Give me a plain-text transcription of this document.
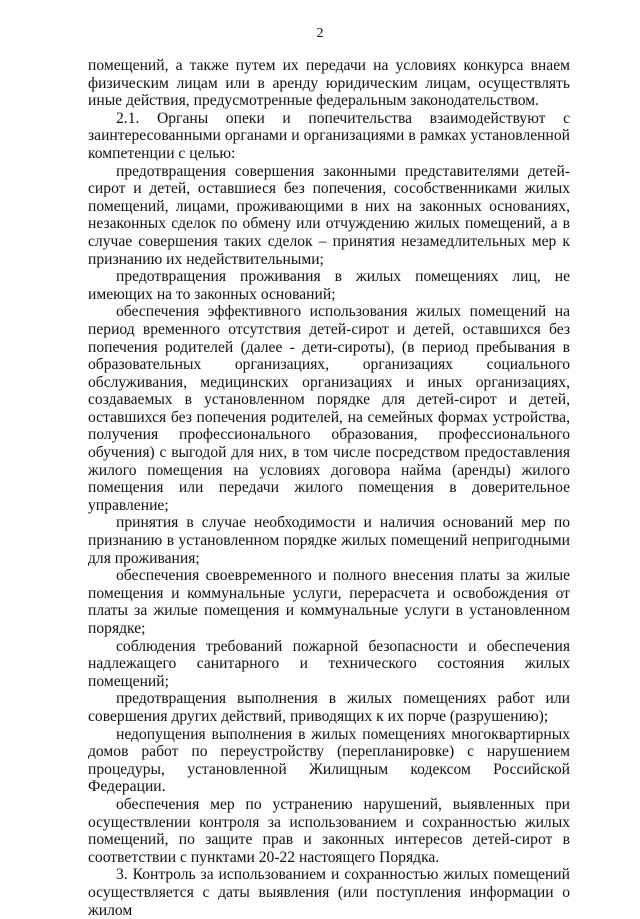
2

помещений, а также путем их передачи на условиях конкурса внаем физическим лицам или в аренду юридическим лицам, осуществлять иные действия, предусмотренные федеральным законодательством.

2.1. Органы опеки и попечительства взаимодействуют с заинтересованными органами и организациями в рамках установленной компетенции с целью:

предотвращения совершения законными представителями детей-сирот и детей, оставшиеся без попечения, сособственниками жилых помещений, лицами, проживающими в них на законных основаниях, незаконных сделок по обмену или отчуждению жилых помещений, а в случае совершения таких сделок – принятия незамедлительных мер к признанию их недействительными;

предотвращения проживания в жилых помещениях лиц, не имеющих на то законных оснований;

обеспечения эффективного использования жилых помещений на период временного отсутствия детей-сирот и детей, оставшихся без попечения родителей (далее - дети-сироты), (в период пребывания в образовательных организациях, организациях социального обслуживания, медицинских организациях и иных организациях, создаваемых в установленном порядке для детей-сирот и детей, оставшихся без попечения родителей, на семейных формах устройства, получения профессионального образования, профессионального обучения) с выгодой для них, в том числе посредством предоставления жилого помещения на условиях договора найма (аренды) жилого помещения или передачи жилого помещения в доверительное управление;

принятия в случае необходимости и наличия оснований мер по признанию в установленном порядке жилых помещений непригодными для проживания;

обеспечения своевременного и полного внесения платы за жилые помещения и коммунальные услуги, перерасчета и освобождения от платы за жилые помещения и коммунальные услуги в установленном порядке;

соблюдения требований пожарной безопасности и обеспечения надлежащего санитарного и технического состояния жилых помещений;

предотвращения выполнения в жилых помещениях работ или совершения других действий, приводящих к их порче (разрушению);

недопущения выполнения в жилых помещениях многоквартирных домов работ по переустройству (перепланировке) с нарушением процедуры, установленной Жилищным кодексом Российской Федерации.

обеспечения мер по устранению нарушений, выявленных при осуществлении контроля за использованием и сохранностью жилых помещений, по защите прав и законных интересов детей-сирот в соответствии с пунктами 20-22 настоящего Порядка.

3. Контроль за использованием и сохранностью жилых помещений осуществляется с даты выявления (или поступления информации о жилом
